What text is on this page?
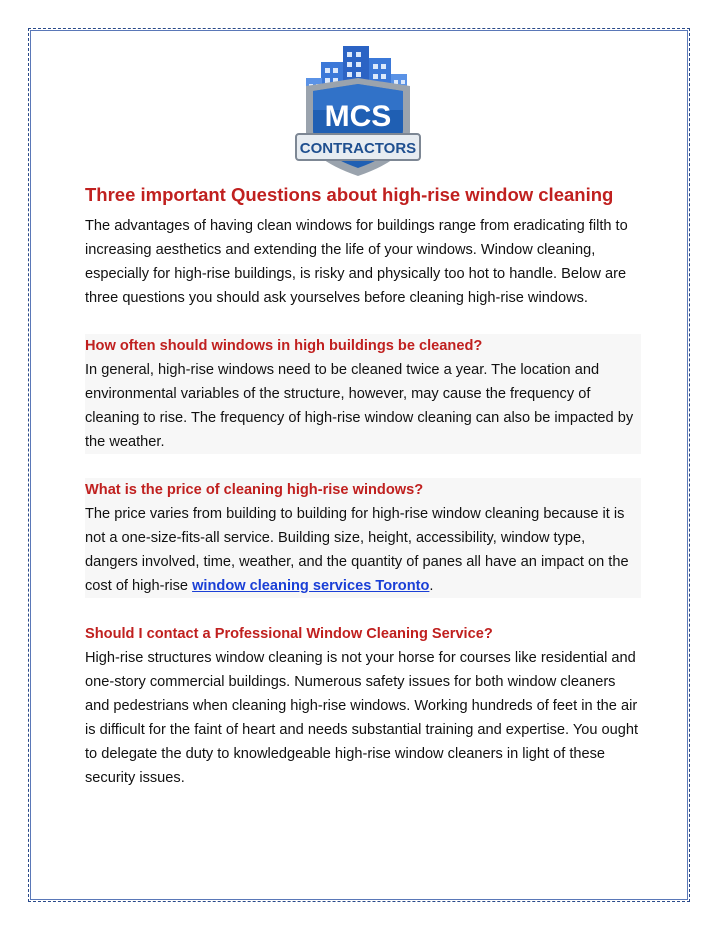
MCS
CONTRACTORS
Three important Questions about high-rise window cleaning

The advantages of having clean windows for buildings range from eradicating filth to increasing aesthetics and extending the life of your windows. Window cleaning, especially for high-rise buildings, is risky and physically too hot to handle. Below are three questions you should ask yourselves before cleaning high-rise windows.

How often should windows in high buildings be cleaned?

In general, high-rise windows need to be cleaned twice a year. The location and environmental variables of the structure, however, may cause the frequency of cleaning to rise. The frequency of high-rise window cleaning can also be impacted by the weather.

What is the price of cleaning high-rise windows?

The price varies from building to building for high-rise window cleaning because it is not a one-size-fits-all service. Building size, height, accessibility, window type, dangers involved, time, weather, and the quantity of panes all have an impact on the cost of high-rise window cleaning services Toronto.

Should I contact a Professional Window Cleaning Service?

High-rise structures window cleaning is not your horse for courses like residential and one-story commercial buildings. Numerous safety issues for both window cleaners and pedestrians when cleaning high-rise windows. Working hundreds of feet in the air is difficult for the faint of heart and needs substantial training and expertise. You ought to delegate the duty to knowledgeable high-rise window cleaners in light of these security issues.
